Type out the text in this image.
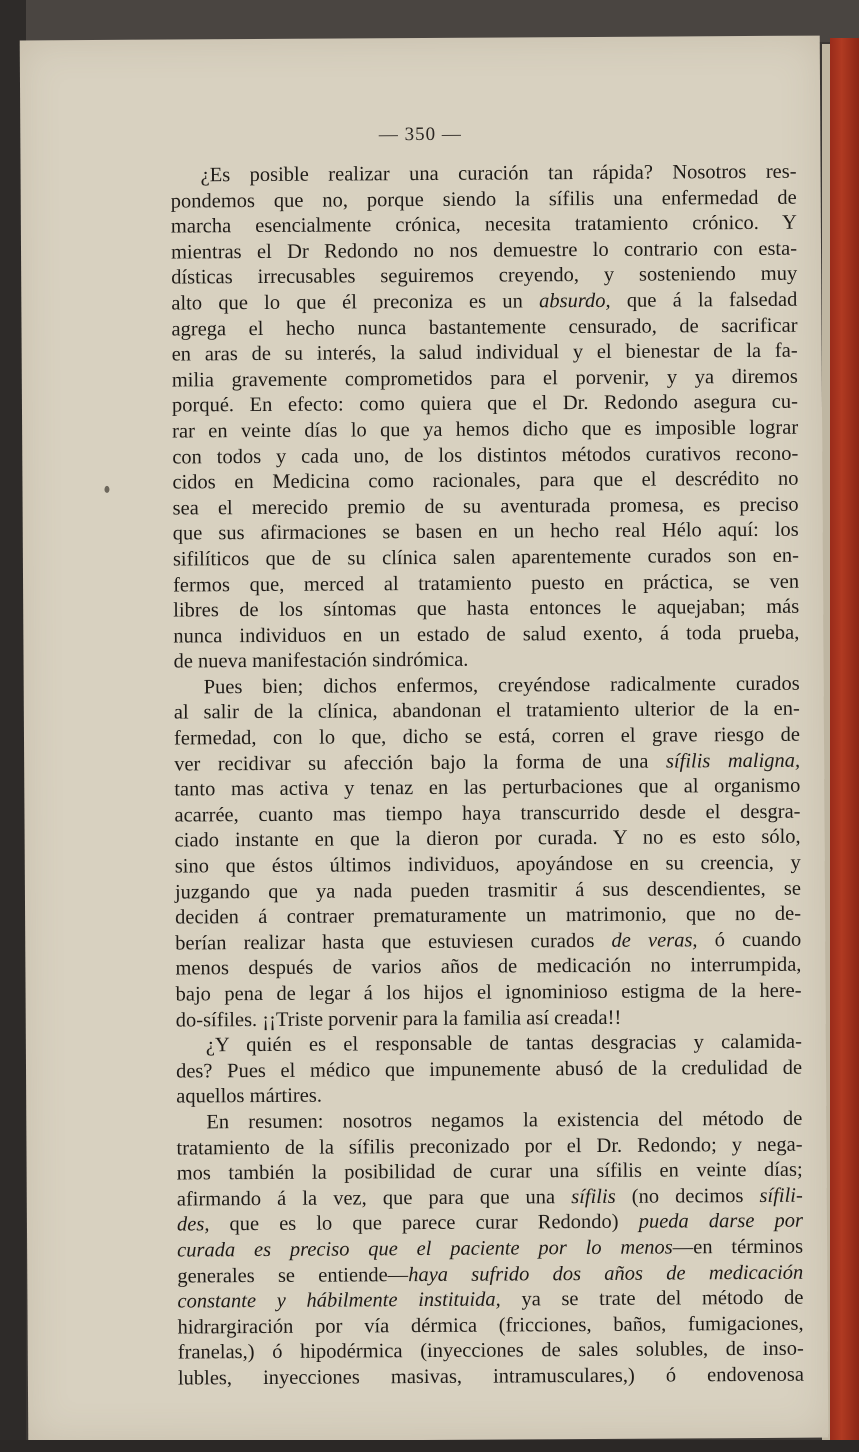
— 350 —
¿Es posible realizar una curación tan rápida? Nosotros res-
pondemos que no, porque siendo la sífilis una enfermedad de
marcha esencialmente crónica, necesita tratamiento crónico. Y
mientras el Dr Redondo no nos demuestre lo contrario con esta-
dísticas irrecusables seguiremos creyendo, y sosteniendo muy
alto que lo que él preconiza es un absurdo, que á la falsedad
agrega el hecho nunca bastantemente censurado, de sacrificar
en aras de su interés, la salud individual y el bienestar de la fa-
milia gravemente comprometidos para el porvenir, y ya diremos
porqué. En efecto: como quiera que el Dr. Redondo asegura cu-
rar en veinte días lo que ya hemos dicho que es imposible lograr
con todos y cada uno, de los distintos métodos curativos recono-
cidos en Medicina como racionales, para que el descrédito no
sea el merecido premio de su aventurada promesa, es preciso
que sus afirmaciones se basen en un hecho real Hélo aquí: los
sifilíticos que de su clínica salen aparentemente curados son en-
fermos que, merced al tratamiento puesto en práctica, se ven
libres de los síntomas que hasta entonces le aquejaban; más
nunca individuos en un estado de salud exento, á toda prueba,
de nueva manifestación sindrómica.
Pues bien; dichos enfermos, creyéndose radicalmente curados
al salir de la clínica, abandonan el tratamiento ulterior de la en-
fermedad, con lo que, dicho se está, corren el grave riesgo de
ver recidivar su afección bajo la forma de una sífilis maligna,
tanto mas activa y tenaz en las perturbaciones que al organismo
acarrée, cuanto mas tiempo haya transcurrido desde el desgra-
ciado instante en que la dieron por curada. Y no es esto sólo,
sino que éstos últimos individuos, apoyándose en su creencia, y
juzgando que ya nada pueden trasmitir á sus descendientes, se
deciden á contraer prematuramente un matrimonio, que no de-
berían realizar hasta que estuviesen curados de veras, ó cuando
menos después de varios años de medicación no interrumpida,
bajo pena de legar á los hijos el ignominioso estigma de la here-
do-sífiles. ¡¡Triste porvenir para la familia así creada!!
¿Y quién es el responsable de tantas desgracias y calamida-
des? Pues el médico que impunemente abusó de la credulidad de
aquellos mártires.
En resumen: nosotros negamos la existencia del método de
tratamiento de la sífilis preconizado por el Dr. Redondo; y nega-
mos también la posibilidad de curar una sífilis en veinte días;
afirmando á la vez, que para que una sífilis (no decimos sífili-
des, que es lo que parece curar Redondo) pueda darse por
curada es preciso que el paciente por lo menos—en términos
generales se entiende—haya sufrido dos años de medicación
constante y hábilmente instituida, ya se trate del método de
hidrargiración por vía dérmica (fricciones, baños, fumigaciones,
franelas,) ó hipodérmica (inyecciones de sales solubles, de inso-
lubles, inyecciones masivas, intramusculares,) ó endovenosa
